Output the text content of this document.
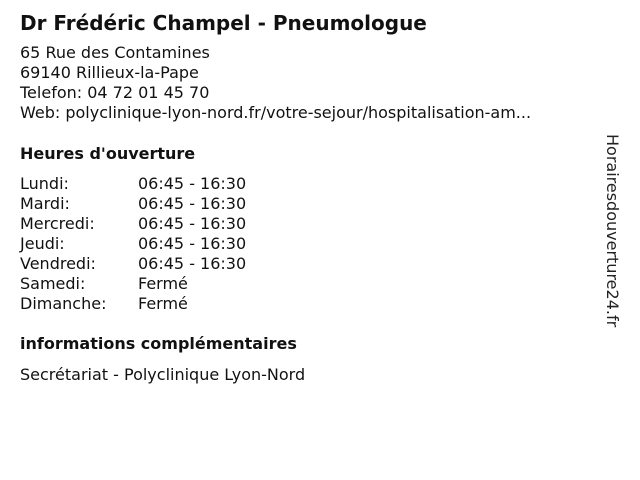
Dr Frédéric Champel - Pneumologue
65 Rue des Contamines
69140 Rillieux-la-Pape
Telefon: 04 72 01 45 70
Web: polyclinique-lyon-nord.fr/votre-sejour/hospitalisation-am...
Heures d'ouverture
Lundi:	06:45 - 16:30
Mardi:	06:45 - 16:30
Mercredi:	06:45 - 16:30
Jeudi:	06:45 - 16:30
Vendredi:	06:45 - 16:30
Samedi:	Fermé
Dimanche: Fermé
informations complémentaires
Secrétariat - Polyclinique Lyon-Nord
Horairesdouverture24.fr
